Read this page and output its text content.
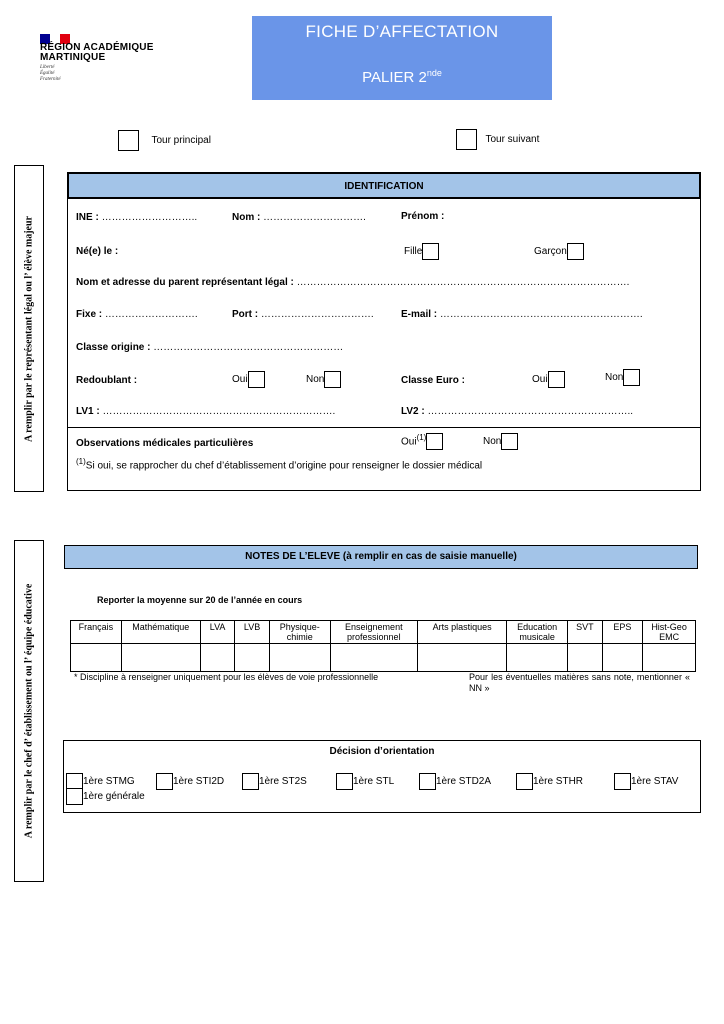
RÉGION ACADÉMIQUE
MARTINIQUE
Liberté
Égalité
Fraternité
FICHE D’AFFECTATION
PALIER 2nde
Tour principal	Tour suivant
A remplir par le représentant légal ou l’ élève majeur
A remplir par le chef d’ établissement ou l’ équipe éducative
IDENTIFICATION
INE : ………………………..	Nom : ………………………….	Prénom :
Né(e) le :	Fille	Garçon
Nom et adresse du parent représentant légal : ……………………………………………………………………………………….
Fixe : ……………………….	Port : …………………………….	E-mail : …………………………………………………….
Classe origine : …………………………………………………
Redoublant :	Oui	Non	Classe Euro :	Oui	Non
LV1 : …………………………………………………………….	LV2 : ……………………………………………………..
Observations médicales particulières	Oui$^{(1)}$	Non
$^{(1)}$Si oui, se rapprocher du chef d’établissement d’origine pour renseigner le dossier médical
NOTES DE L’ELEVE (à remplir en cas de saisie manuelle)
Reporter la moyenne sur 20 de l’année en cours
Français	Mathématique	LVA	LVB	Physique-chimie	Enseignement professionnel	Arts plastiques	Education musicale	SVT	EPS	Hist-Geo EMC

* Discipline à renseigner uniquement pour les élèves de voie professionnelle	Pour les éventuelles matières sans note, mentionner « NN »
Décision d’orientation
1ère STMG	1ère STI2D	1ère ST2S	1ère STL	1ère STD2A	1ère STHR	1ère STAV
1ère générale
